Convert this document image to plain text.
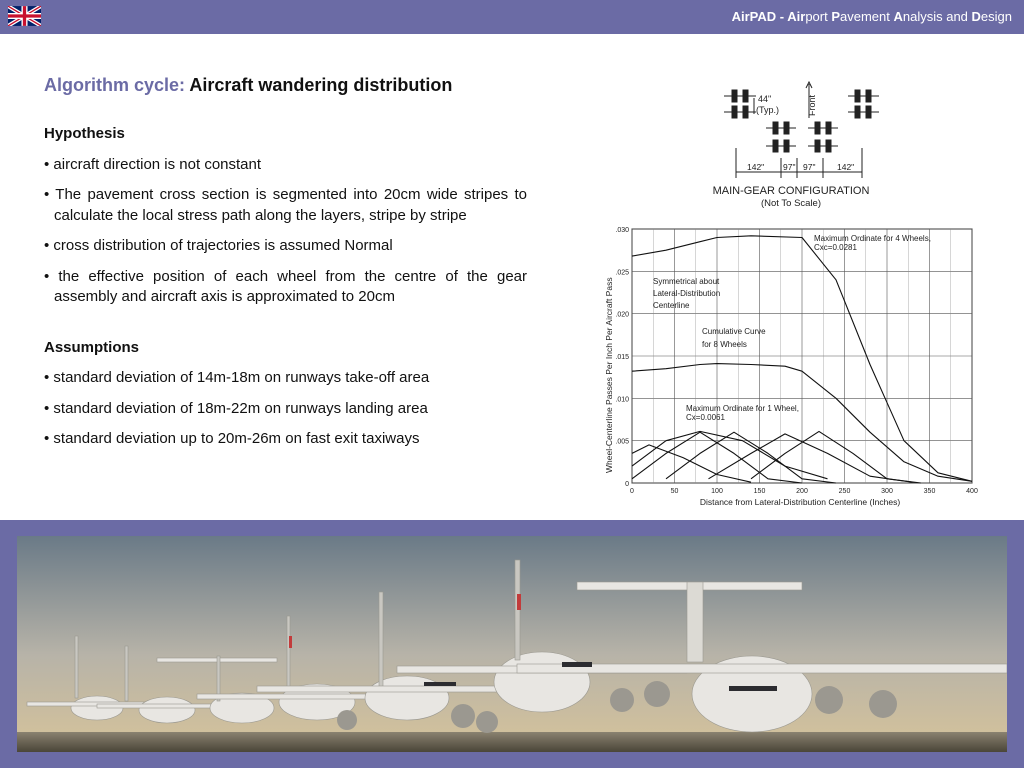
AirPAD - Airport Pavement Analysis and Design
Algorithm cycle: Aircraft wandering distribution
Hypothesis
• aircraft direction is not constant
• The pavement cross section is segmented into 20cm wide stripes to calculate the local stress path along the layers, stripe by stripe
• cross distribution of trajectories is assumed Normal
• the effective position of each wheel from the centre of the gear assembly and aircraft axis is approximated to 20cm
Assumptions
• standard deviation of 14m-18m on runways take-off area
• standard deviation of 18m-22m on runways landing area
• standard deviation up to 20m-26m on fast exit taxiways
44"
(Typ.)	Front
142" 97" 97"	142"
MAIN-GEAR CONFIGURATION
(Not To Scale)
0	50	100	150	200	250	300	350	400
0
.005
.010
.015
.020
.025
.030
Wheel-Centerline Passes Per Inch Per Aircraft Pass
Distance from Lateral-Distribution Centerline (Inches)
Maximum Ordinate for 4 Wheels,
Cxc=0.0281
Symmetrical about
Lateral-Distribution
Centerline
Cumulative Curve
for 8 Wheels
Maximum Ordinate for 1 Wheel,
Cx=0.0061
